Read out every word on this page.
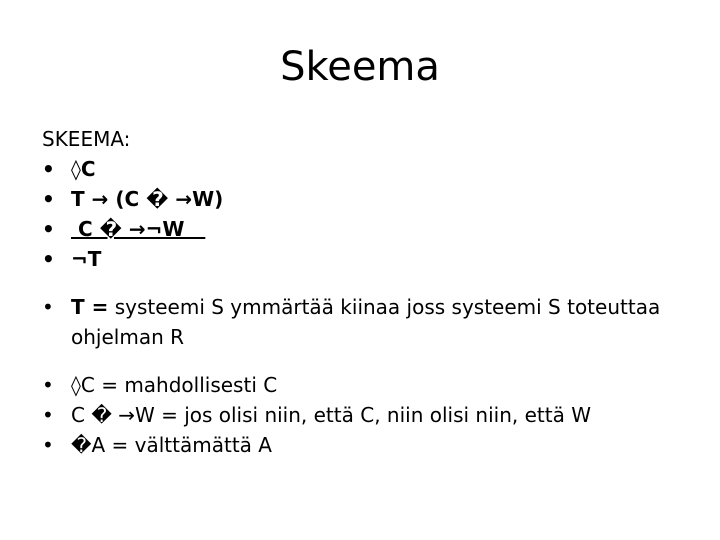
Skeema
SKEEMA:
• ◊C
• T → (C � →W)
• C � →¬W
• ¬T
• T = systeemi S ymmärtää kiinaa joss systeemi S toteuttaa
ohjelman R
• ◊C = mahdollisesti C
• C � →W = jos olisi niin, että C, niin olisi niin, että W
• �A = välttämättä A
